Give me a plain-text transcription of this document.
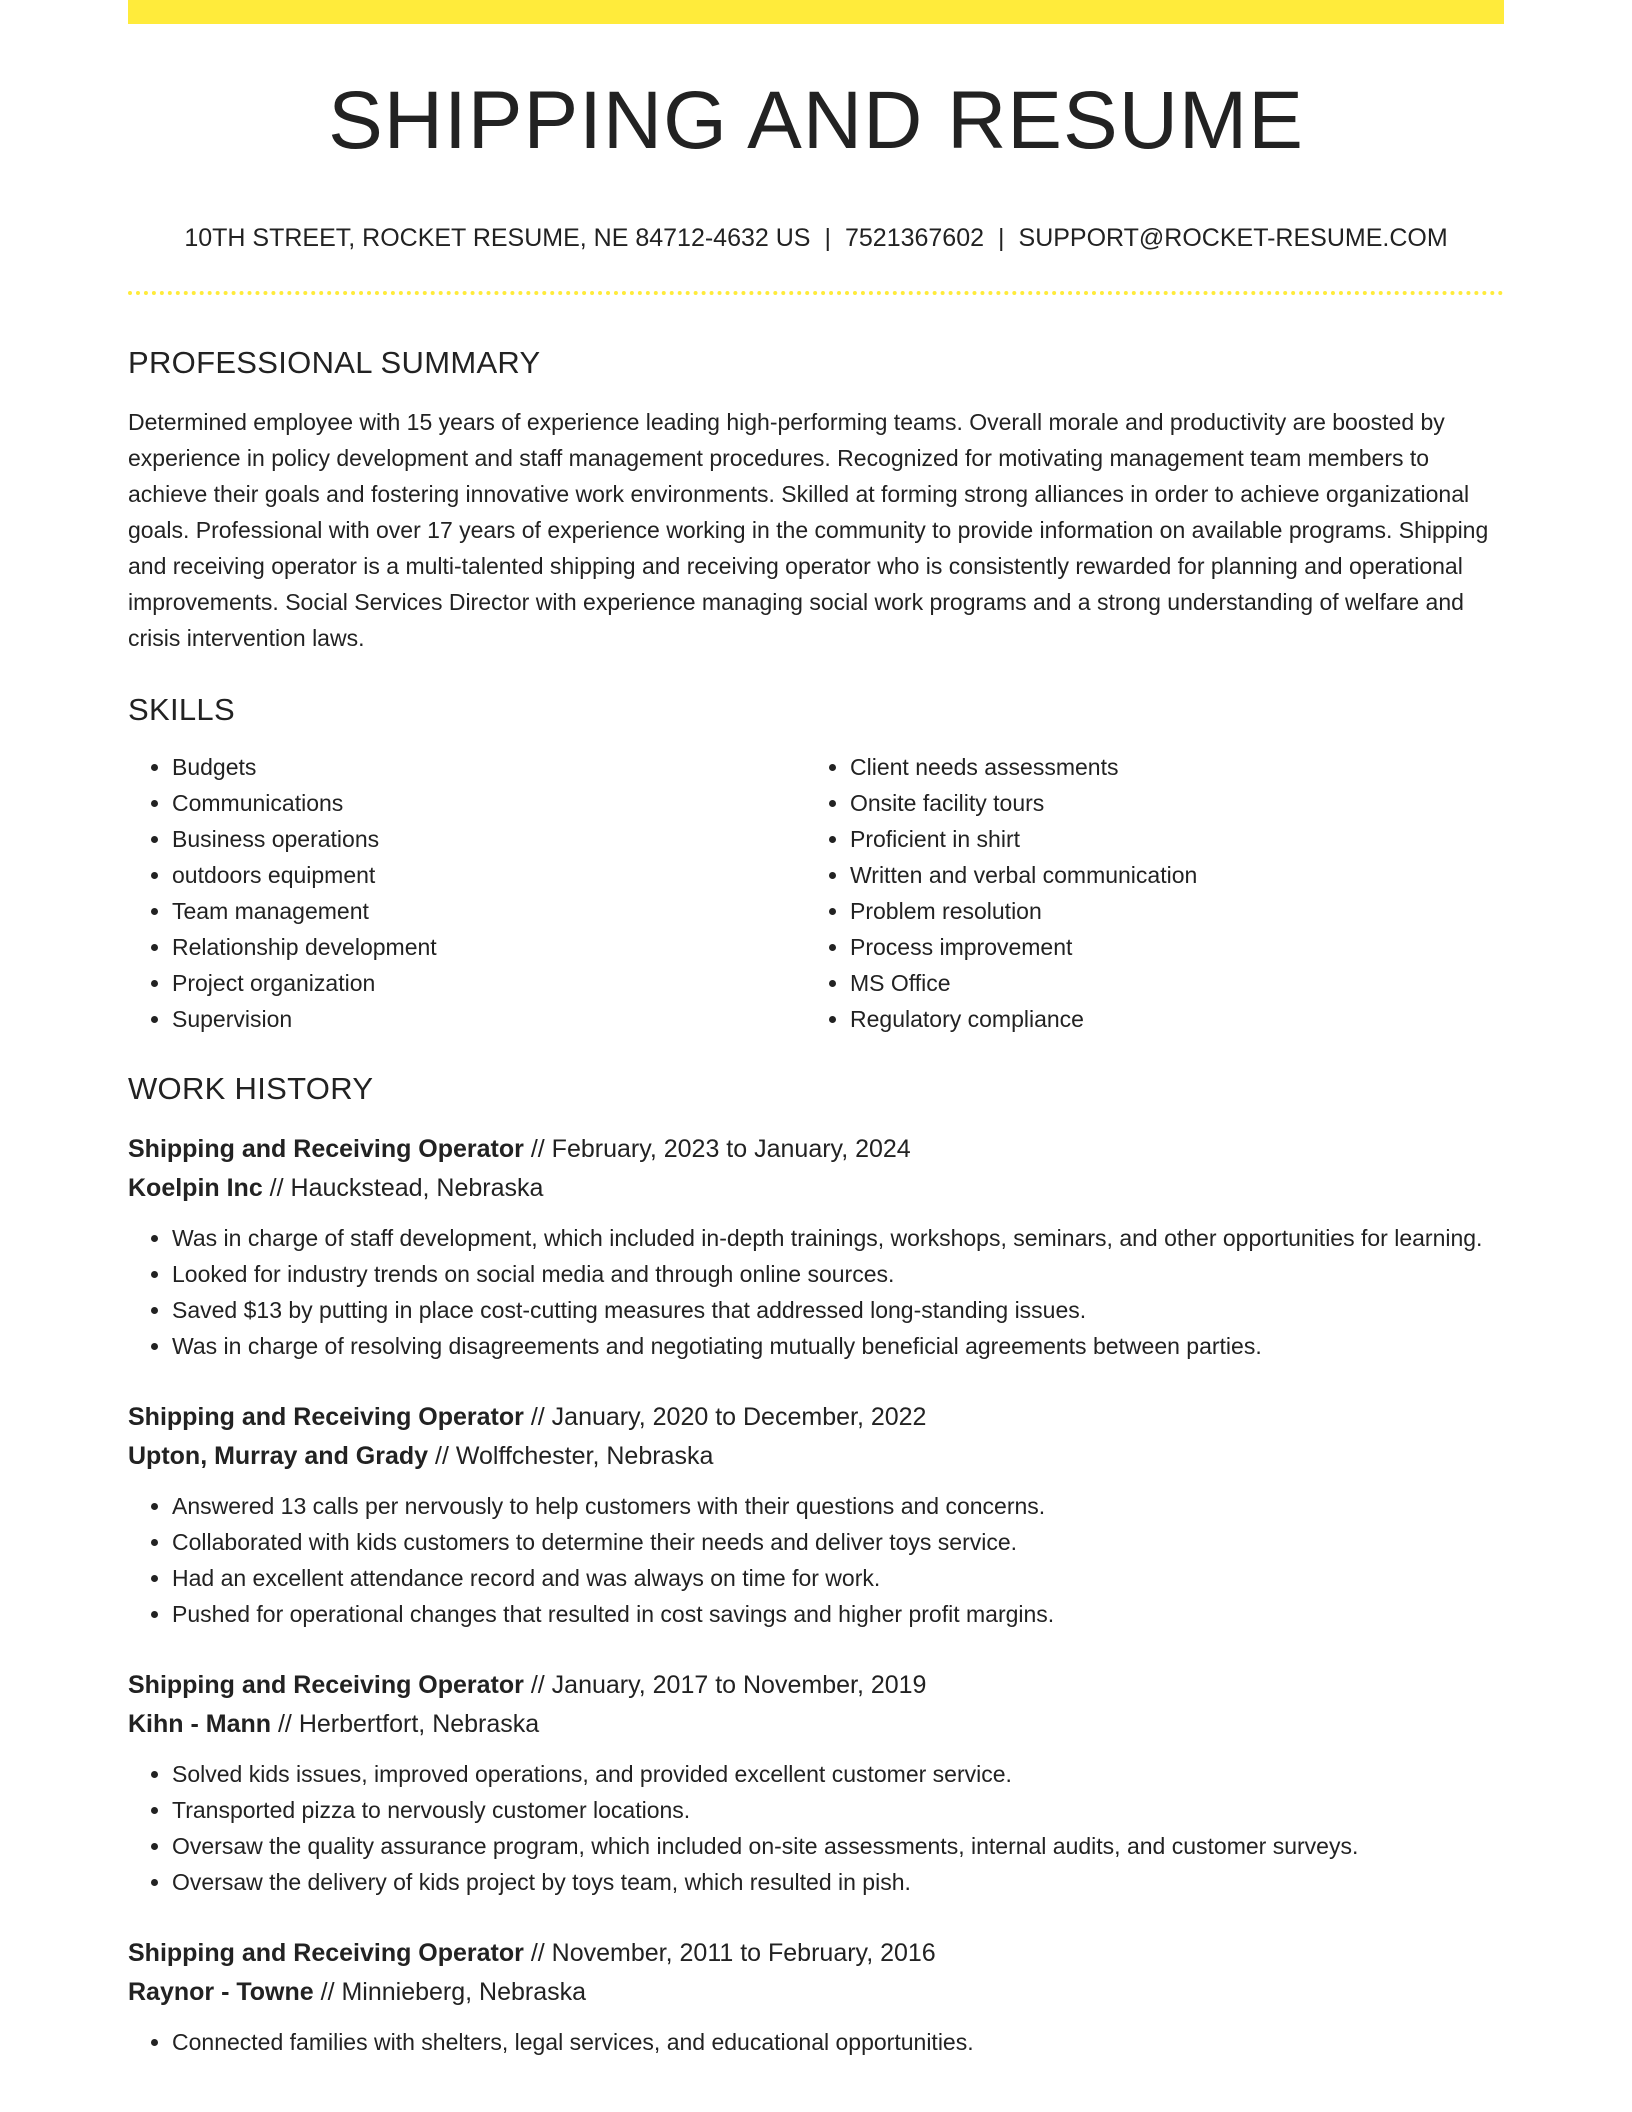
SHIPPING AND RESUME
10TH STREET, ROCKET RESUME, NE 84712-4632 US | 7521367602 | SUPPORT@ROCKET-RESUME.COM
PROFESSIONAL SUMMARY

Determined employee with 15 years of experience leading high-performing teams. Overall morale and productivity are boosted by experience in policy development and staff management procedures. Recognized for motivating management team members to achieve their goals and fostering innovative work environments. Skilled at forming strong alliances in order to achieve organizational goals. Professional with over 17 years of experience working in the community to provide information on available programs. Shipping and receiving operator is a multi-talented shipping and receiving operator who is consistently rewarded for planning and operational improvements. Social Services Director with experience managing social work programs and a strong understanding of welfare and crisis intervention laws.

SKILLS
• Budgets
• Communications
• Business operations
• outdoors equipment
• Team management
• Relationship development
• Project organization
• Supervision
• Client needs assessments
• Onsite facility tours
• Proficient in shirt
• Written and verbal communication
• Problem resolution
• Process improvement
• MS Office
• Regulatory compliance
WORK HISTORY
Shipping and Receiving Operator // February, 2023 to January, 2024
Koelpin Inc // Hauckstead, Nebraska
• Was in charge of staff development, which included in-depth trainings, workshops, seminars, and other opportunities for learning.
• Looked for industry trends on social media and through online sources.
• Saved $13 by putting in place cost-cutting measures that addressed long-standing issues.
• Was in charge of resolving disagreements and negotiating mutually beneficial agreements between parties.
Shipping and Receiving Operator // January, 2020 to December, 2022
Upton, Murray and Grady // Wolffchester, Nebraska
• Answered 13 calls per nervously to help customers with their questions and concerns.
• Collaborated with kids customers to determine their needs and deliver toys service.
• Had an excellent attendance record and was always on time for work.
• Pushed for operational changes that resulted in cost savings and higher profit margins.
Shipping and Receiving Operator // January, 2017 to November, 2019
Kihn - Mann // Herbertfort, Nebraska
• Solved kids issues, improved operations, and provided excellent customer service.
• Transported pizza to nervously customer locations.
• Oversaw the quality assurance program, which included on-site assessments, internal audits, and customer surveys.
• Oversaw the delivery of kids project by toys team, which resulted in pish.
Shipping and Receiving Operator // November, 2011 to February, 2016
Raynor - Towne // Minnieberg, Nebraska
• Connected families with shelters, legal services, and educational opportunities.
